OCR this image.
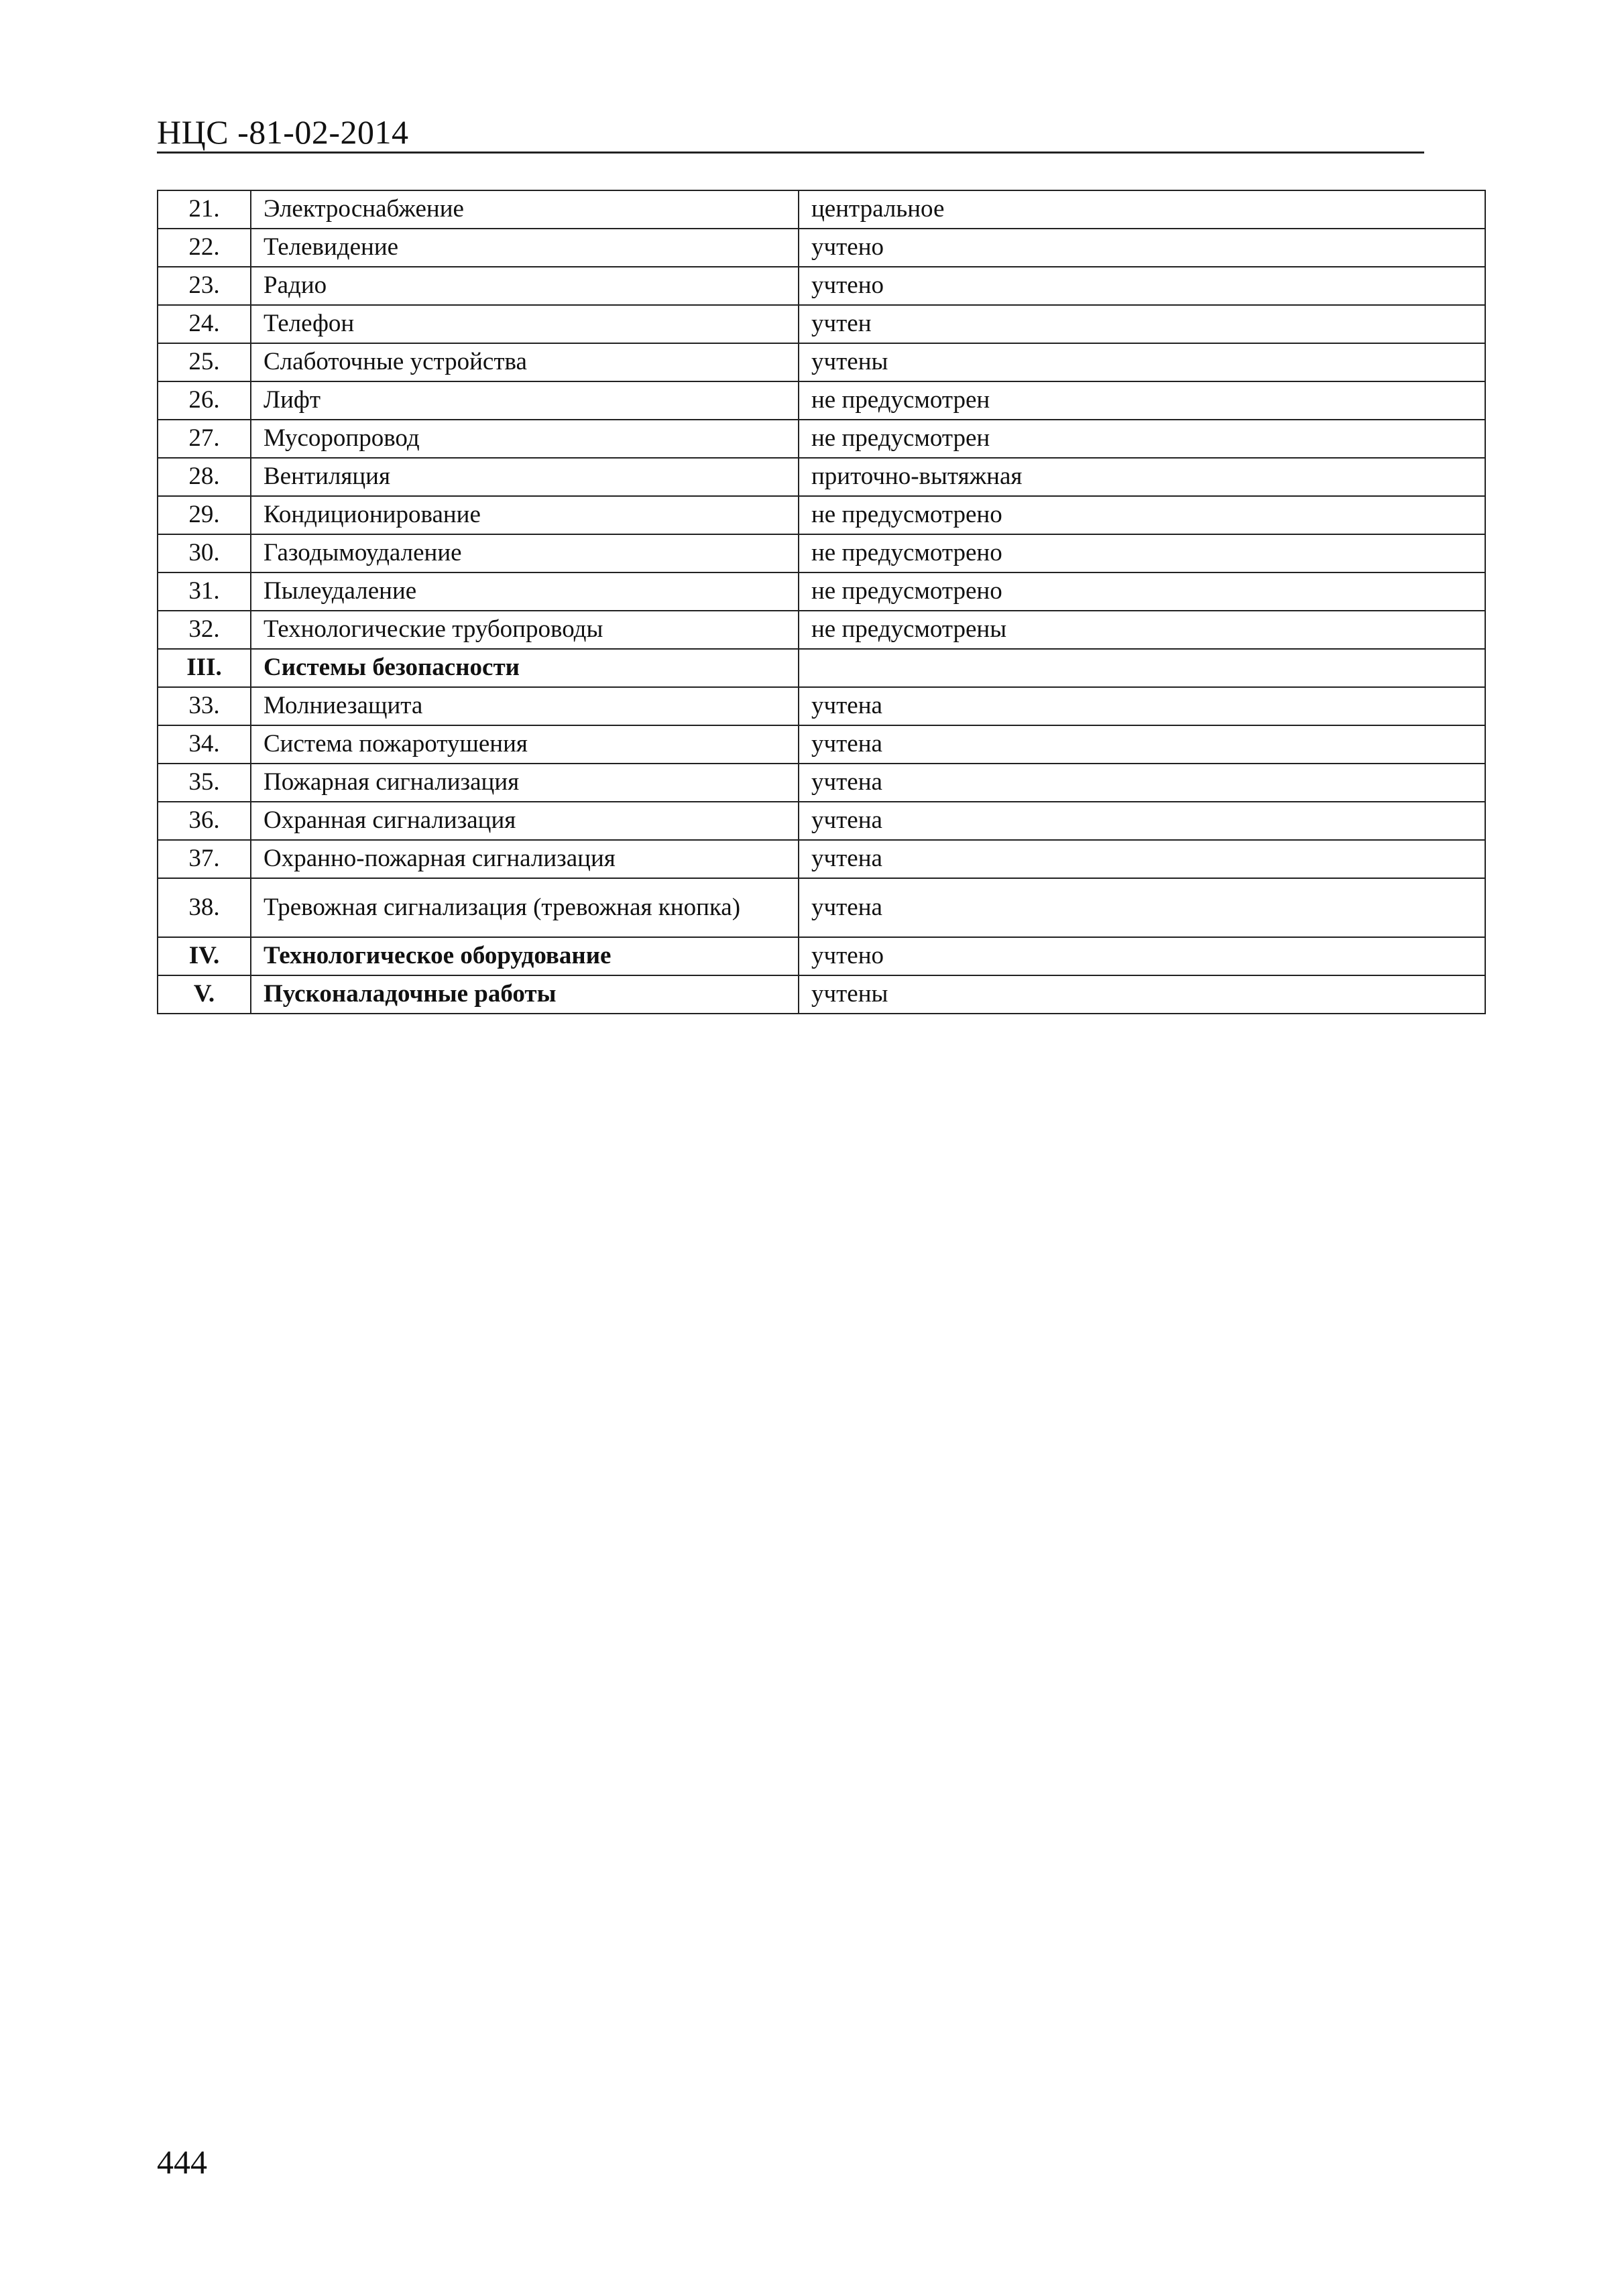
НЦС -81-02-2014
21.	Электроснабжение	центральное
22.	Телевидение	учтено
23.	Радио	учтено
24.	Телефон	учтен
25.	Слаботочные устройства	учтены
26.	Лифт	не предусмотрен
27.	Мусоропровод	не предусмотрен
28.	Вентиляция	приточно-вытяжная
29.	Кондиционирование	не предусмотрено
30.	Газодымоудаление	не предусмотрено
31.	Пылеудаление	не предусмотрено
32.	Технологические трубопроводы	не предусмотрены
III.	Системы безопасности	
33.	Молниезащита	учтена
34.	Система пожаротушения	учтена
35.	Пожарная сигнализация	учтена
36.	Охранная сигнализация	учтена
37.	Охранно-пожарная сигнализация	учтена
38.	Тревожная сигнализация (тревожная кнопка)	учтена
IV.	Технологическое оборудование	учтено
V.	Пусконаладочные работы	учтены
444
